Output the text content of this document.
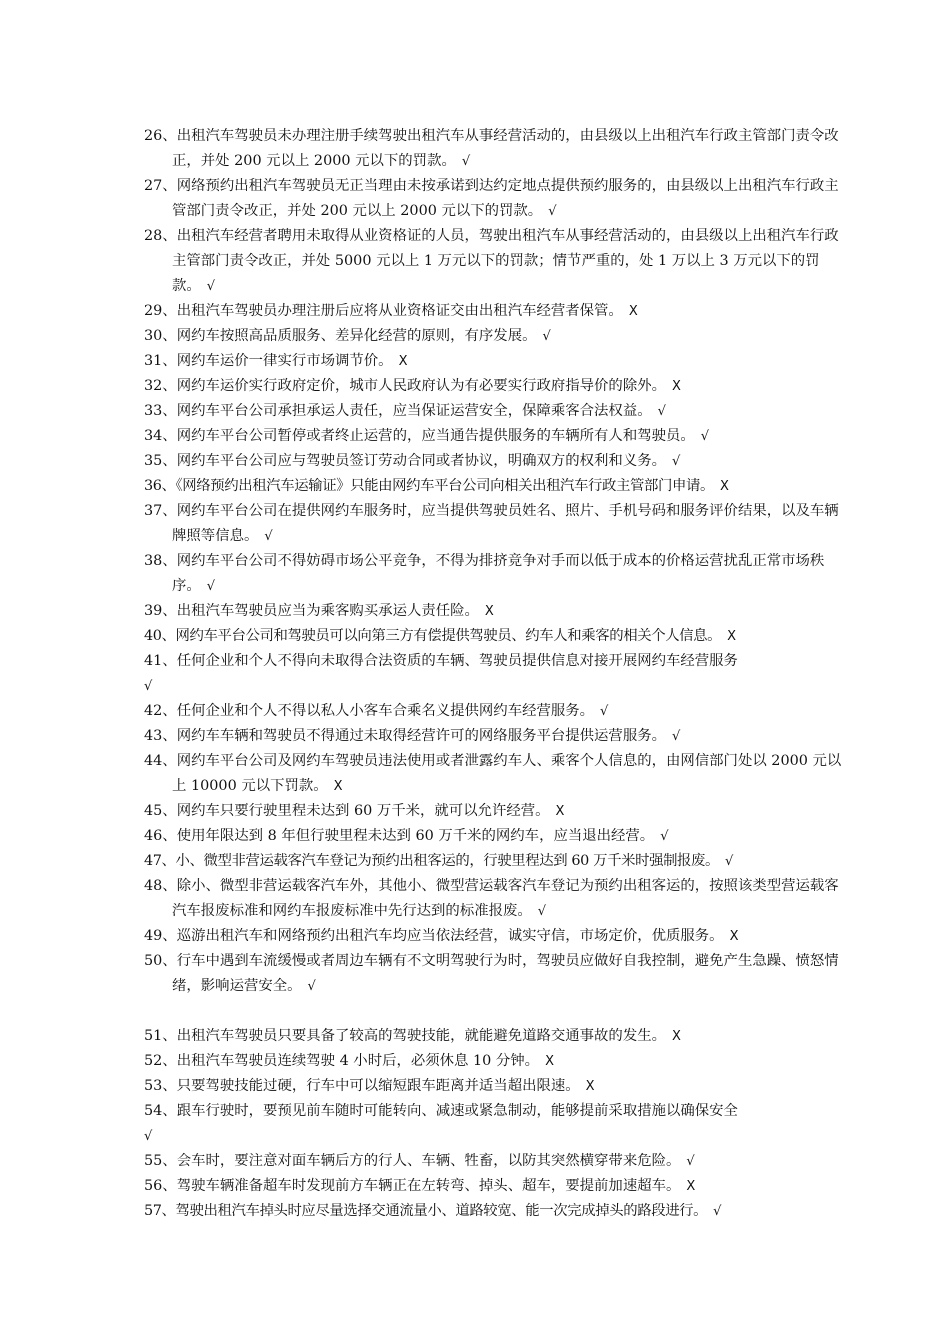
26、出租汽车驾驶员未办理注册手续驾驶出租汽车从事经营活动的，由县级以上出租汽车行政主管部门责令改正，并处 200 元以上 2000 元以下的罚款。 √
27、网络预约出租汽车驾驶员无正当理由未按承诺到达约定地点提供预约服务的，由县级以上出租汽车行政主管部门责令改正，并处 200 元以上 2000 元以下的罚款。 √
28、出租汽车经营者聘用未取得从业资格证的人员，驾驶出租汽车从事经营活动的，由县级以上出租汽车行政主管部门责令改正，并处 5000 元以上 1 万元以下的罚款；情节严重的，处 1 万以上 3 万元以下的罚款。 √
29、出租汽车驾驶员办理注册后应将从业资格证交由出租汽车经营者保管。 X
30、网约车按照高品质服务、差异化经营的原则，有序发展。 √
31、网约车运价一律实行市场调节价。 X
32、网约车运价实行政府定价，城市人民政府认为有必要实行政府指导价的除外。 X
33、网约车平台公司承担承运人责任，应当保证运营安全，保障乘客合法权益。 √
34、网约车平台公司暂停或者终止运营的，应当通告提供服务的车辆所有人和驾驶员。 √
35、网约车平台公司应与驾驶员签订劳动合同或者协议，明确双方的权利和义务。 √
36、《网络预约出租汽车运输证》只能由网约车平台公司向相关出租汽车行政主管部门申请。 X
37、网约车平台公司在提供网约车服务时，应当提供驾驶员姓名、照片、手机号码和服务评价结果，以及车辆牌照等信息。 √
38、网约车平台公司不得妨碍市场公平竞争，不得为排挤竞争对手而以低于成本的价格运营扰乱正常市场秩序。 √
39、出租汽车驾驶员应当为乘客购买承运人责任险。 X
40、网约车平台公司和驾驶员可以向第三方有偿提供驾驶员、约车人和乘客的相关个人信息。 X
41、任何企业和个人不得向未取得合法资质的车辆、驾驶员提供信息对接开展网约车经营服务
√
42、任何企业和个人不得以私人小客车合乘名义提供网约车经营服务。 √
43、网约车车辆和驾驶员不得通过未取得经营许可的网络服务平台提供运营服务。 √
44、网约车平台公司及网约车驾驶员违法使用或者泄露约车人、乘客个人信息的，由网信部门处以 2000 元以上 10000 元以下罚款。 X
45、网约车只要行驶里程未达到 60 万千米，就可以允许经营。 X
46、使用年限达到 8 年但行驶里程未达到 60 万千米的网约车，应当退出经营。 √
47、小、微型非营运载客汽车登记为预约出租客运的，行驶里程达到 60 万千米时强制报废。 √
48、除小、微型非营运载客汽车外，其他小、微型营运载客汽车登记为预约出租客运的，按照该类型营运载客汽车报废标准和网约车报废标准中先行达到的标准报废。 √
49、巡游出租汽车和网络预约出租汽车均应当依法经营，诚实守信，市场定价，优质服务。 X
50、行车中遇到车流缓慢或者周边车辆有不文明驾驶行为时，驾驶员应做好自我控制，避免产生急躁、愤怒情绪，影响运营安全。 √
51、出租汽车驾驶员只要具备了较高的驾驶技能，就能避免道路交通事故的发生。 X
52、出租汽车驾驶员连续驾驶 4 小时后，必须休息 10 分钟。 X
53、只要驾驶技能过硬，行车中可以缩短跟车距离并适当超出限速。 X
54、跟车行驶时，要预见前车随时可能转向、减速或紧急制动，能够提前采取措施以确保安全
√
55、会车时，要注意对面车辆后方的行人、车辆、牲畜，以防其突然横穿带来危险。 √
56、驾驶车辆准备超车时发现前方车辆正在左转弯、掉头、超车，要提前加速超车。 X
57、驾驶出租汽车掉头时应尽量选择交通流量小、道路较宽、能一次完成掉头的路段进行。 √
